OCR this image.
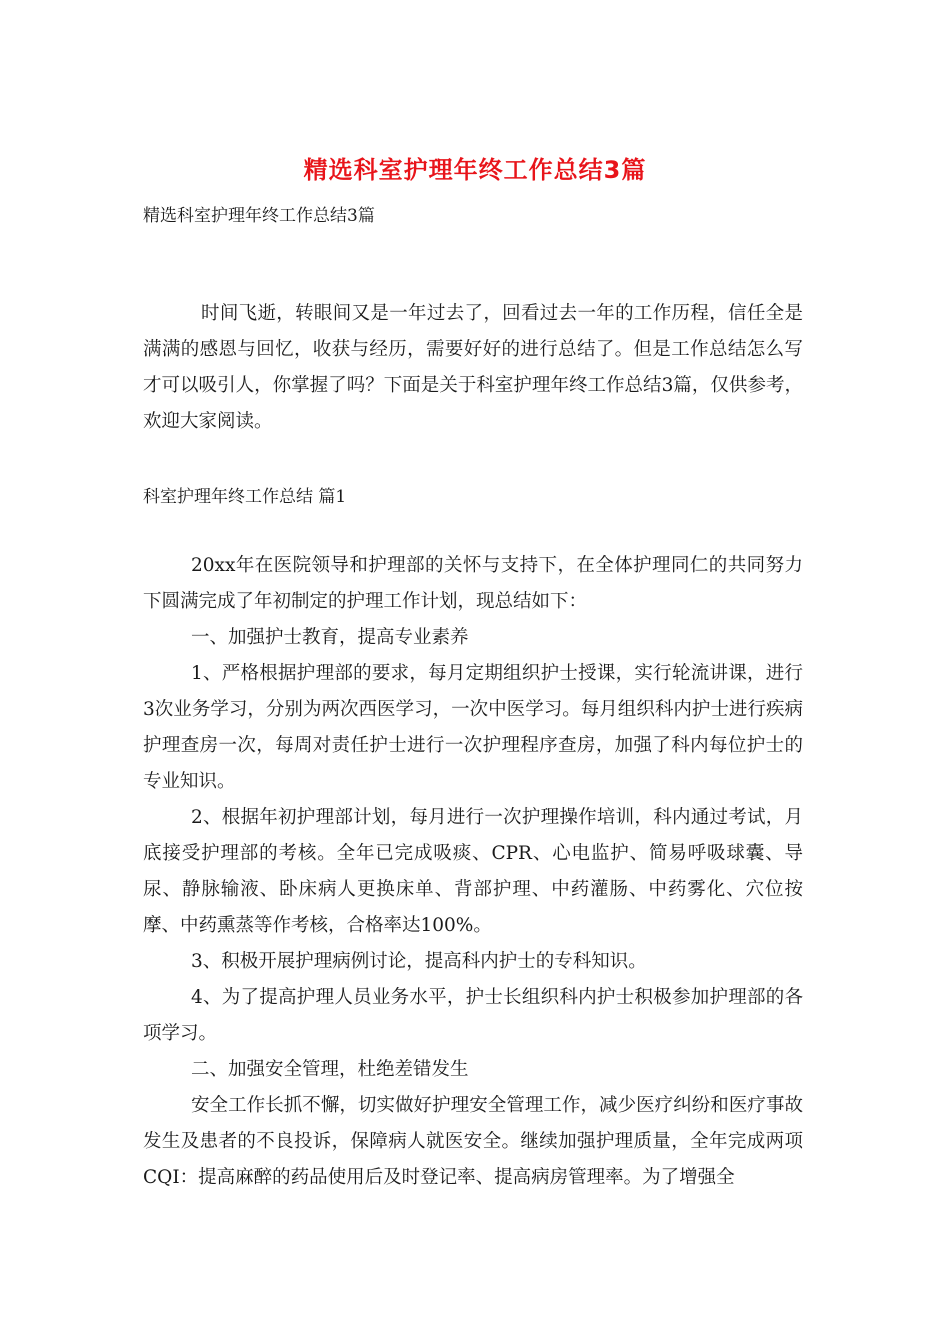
精选科室护理年终工作总结3篇
精选科室护理年终工作总结3篇
时间飞逝，转眼间又是一年过去了，回看过去一年的工作历程，信任全是满满的感恩与回忆，收获与经历，需要好好的进行总结了。但是工作总结怎么写才可以吸引人，你掌握了吗？下面是关于科室护理年终工作总结3篇，仅供参考，欢迎大家阅读。
科室护理年终工作总结 篇1

20xx年在医院领导和护理部的关怀与支持下，在全体护理同仁的共同努力下圆满完成了年初制定的护理工作计划，现总结如下：

一、加强护士教育，提高专业素养

1、严格根据护理部的要求，每月定期组织护士授课，实行轮流讲课，进行3次业务学习，分别为两次西医学习，一次中医学习。每月组织科内护士进行疾病护理查房一次，每周对责任护士进行一次护理程序查房，加强了科内每位护士的专业知识。

2、根据年初护理部计划，每月进行一次护理操作培训，科内通过考试，月底接受护理部的考核。全年已完成吸痰、CPR、心电监护、简易呼吸球囊、导尿、静脉输液、卧床病人更换床单、背部护理、中药灌肠、中药雾化、穴位按摩、中药熏蒸等作考核，合格率达100%。

3、积极开展护理病例讨论，提高科内护士的专科知识。

4、为了提高护理人员业务水平，护士长组织科内护士积极参加护理部的各项学习。

二、加强安全管理，杜绝差错发生

安全工作长抓不懈，切实做好护理安全管理工作，减少医疗纠纷和医疗事故发生及患者的不良投诉，保障病人就医安全。继续加强护理质量，全年完成两项CQI：提高麻醉的药品使用后及时登记率、提高病房管理率。为了增强全
